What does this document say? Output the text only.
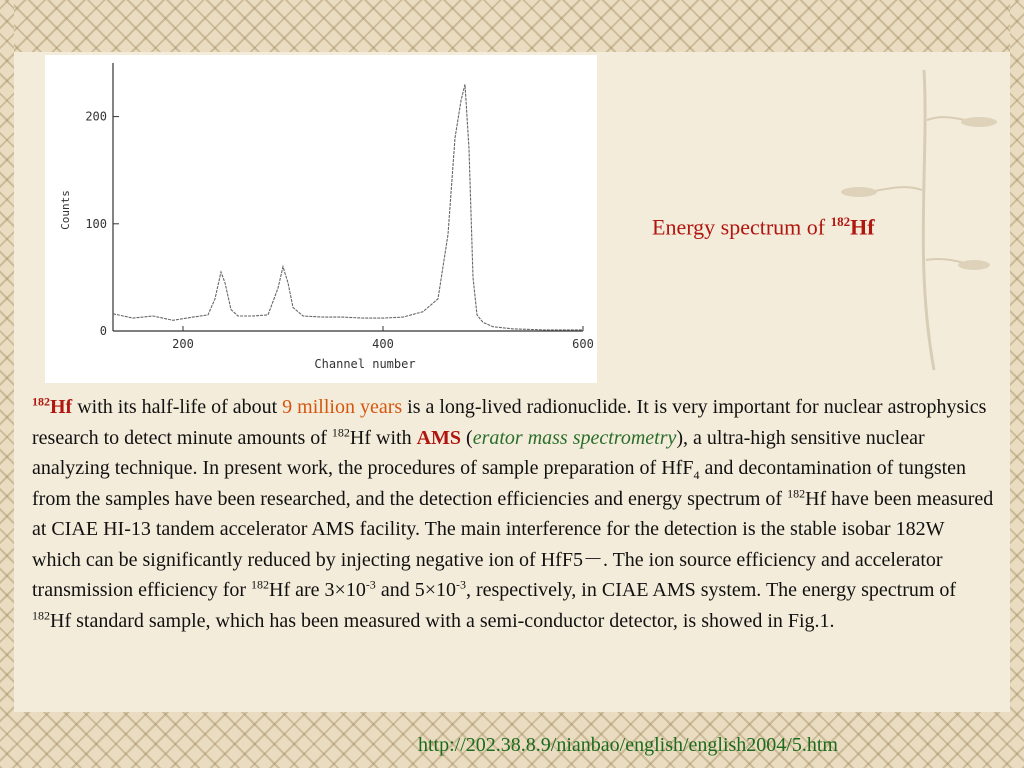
Counts
Channel number
200	400	600
0
100
200
Energy spectrum of $^{182}$Hf
$^{182}$Hf with its half-life of about 9 million years is a long-lived radionuclide. It is very important for nuclear astrophysics research to detect minute amounts of $^{182}$Hf with AMS (erator mass spectrometry), a ultra-high sensitive nuclear analyzing technique. In present work, the procedures of sample preparation of HfF$_4$ and decontamination of tungsten from the samples have been researched, and the detection efficiencies and energy spectrum of $^{182}$Hf have been measured at CIAE HI-13 tandem accelerator AMS facility. The main interference for the detection is the stable isobar 182W which can be significantly reduced by injecting negative ion of HfF5－. The ion source efficiency and accelerator transmission efficiency for $^{182}$Hf are $3\times 10^{-3}$ and $5\times 10^{-3}$, respectively, in CIAE AMS system. The energy spectrum of $^{182}$Hf standard sample, which has been measured with a semi-conductor detector, is showed in Fig.1.
http://202.38.8.9/nianbao/english/english2004/5.htm
